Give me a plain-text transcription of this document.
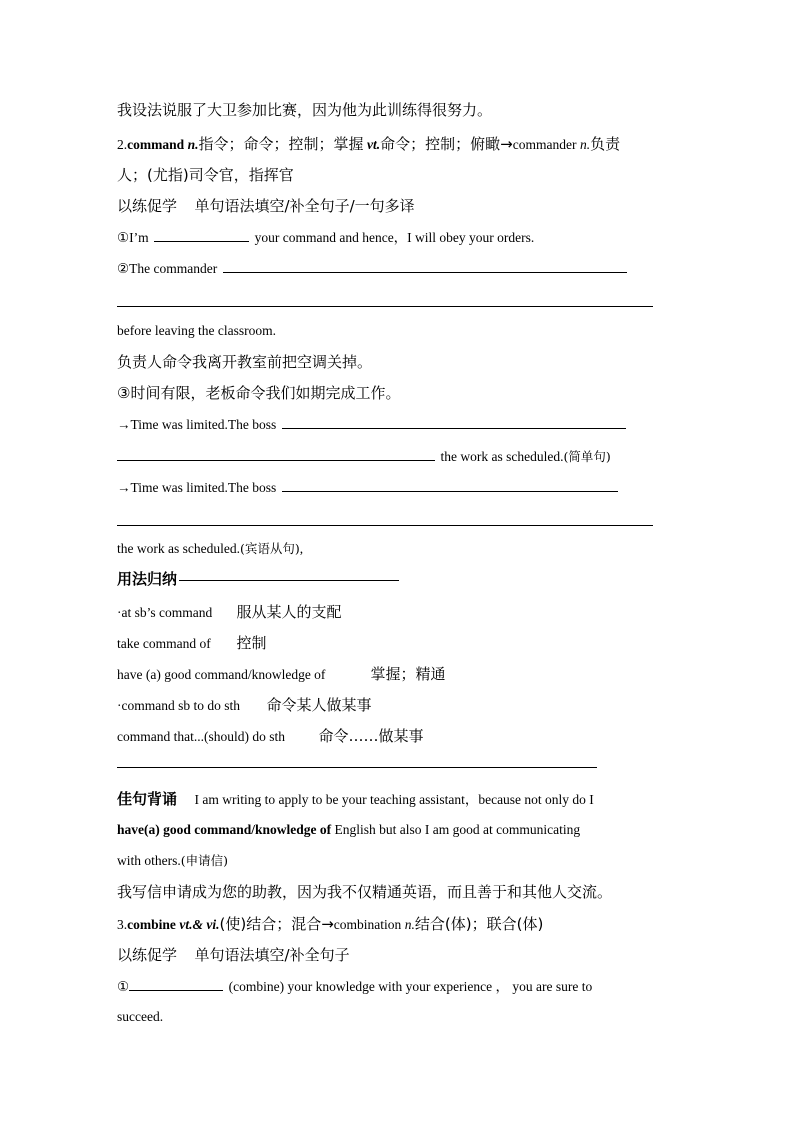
我设法说服了大卫参加比赛，因为他为此训练得很努力。
2.command n.指令；命令；控制；掌握 vt.命令；控制；俯瞰→commander n.负责
人；(尤指)司令官，指挥官
以练促学 单句语法填空/补全句子/一句多译
①I’m	your command and hence，I will obey your orders.
②The commander
before leaving the classroom.
负责人命令我离开教室前把空调关掉。
③时间有限，老板命令我们如期完成工作。
→Time was limited.The boss
the work as scheduled.(简单句)
→Time was limited.The boss
the work as scheduled.(宾语从句),
用法归纳
·at sb’s command 服从某人的支配
take command of 控制
have (a) good command/knowledge of	掌握；精通
·command sb to do sth 命令某人做某事
command that...(should) do sth 命令……做某事
佳句背诵 I am writing to apply to be your teaching assistant，because not only do I
have(a) good command/knowledge of English but also I am good at communicating
with others.(申请信)
我写信申请成为您的助教，因为我不仅精通英语，而且善于和其他人交流。
3.combine vt.& vi.(使)结合；混合→combination n.结合(体)；联合(体)
以练促学 单句语法填空/补全句子
①	(combine) your knowledge with your experience ， you are sure to
succeed.
